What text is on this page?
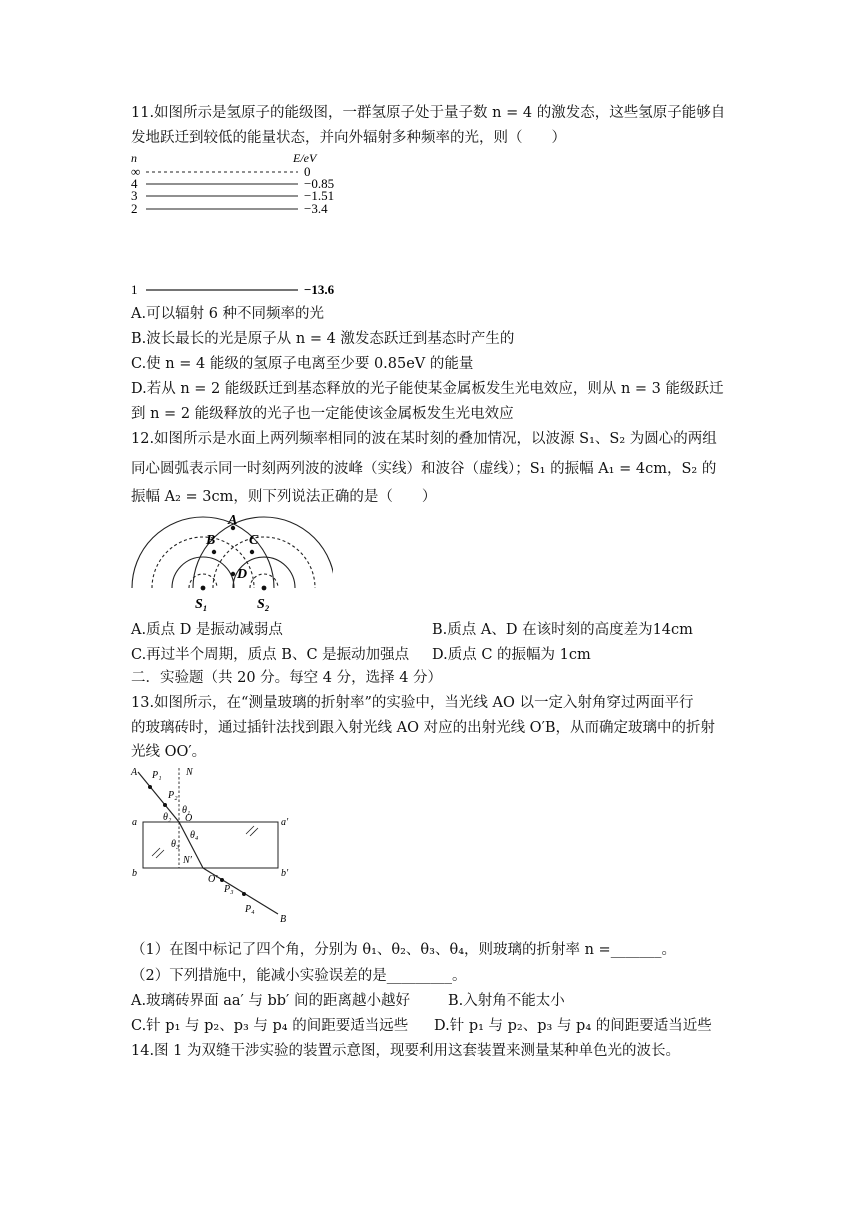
11.如图所示是氢原子的能级图，一群氢原子处于量子数 n = 4 的激发态，这些氢原子能够自
发地跃迁到较低的能量状态，并向外辐射多种频率的光，则（　　）
n	E/eV
∞	0
4	−0.85
3	−1.51
2	−3.4
1	−13.6
A.可以辐射 6 种不同频率的光
B.波长最长的光是原子从 n = 4 激发态跃迁到基态时产生的
C.使 n = 4 能级的氢原子电离至少要 0.85eV 的能量
D.若从 n = 2 能级跃迁到基态释放的光子能使某金属板发生光电效应，则从 n = 3 能级跃迁
到 n = 2 能级释放的光子也一定能使该金属板发生光电效应
12.如图所示是水面上两列频率相同的波在某时刻的叠加情况，以波源 S₁、S₂ 为圆心的两组
同心圆弧表示同一时刻两列波的波峰（实线）和波谷（虚线）；S₁ 的振幅 A₁ = 4cm，S₂ 的
振幅 A₂ = 3cm，则下列说法正确的是（　　）
A
B C
D
S₁	S₂
A.质点 D 是振动减弱点	B.质点 A、D 在该时刻的高度差为14cm
C.再过半个周期，质点 B、C 是振动加强点 D.质点 C 的振幅为 1cm
二．实验题（共 20 分。每空 4 分，选择 4 分）
13.如图所示，在“测量玻璃的折射率”的实验中，当光线 AO 以一定入射角穿过两面平行
的玻璃砖时，通过插针法找到跟入射光线 AO 对应的出射光线 O′B，从而确定玻璃中的折射
光线 OO′。
A P₁
P₂
N
θ₁
θ₂ O
a	a′
θ₄
θ₃
N′
b	b′
O′
P₃
P₄
B
（1）在图中标记了四个角，分别为 θ₁、θ₂、θ₃、θ₄，则玻璃的折射率 n =_______。
（2）下列措施中，能减小实验误差的是_________。
A.玻璃砖界面 aa′ 与 bb′ 间的距离越小越好	B.入射角不能太小
C.针 p₁ 与 p₂、p₃ 与 p₄ 的间距要适当远些 D.针 p₁ 与 p₂、p₃ 与 p₄ 的间距要适当近些
14.图 1 为双缝干涉实验的装置示意图，现要利用这套装置来测量某种单色光的波长。
